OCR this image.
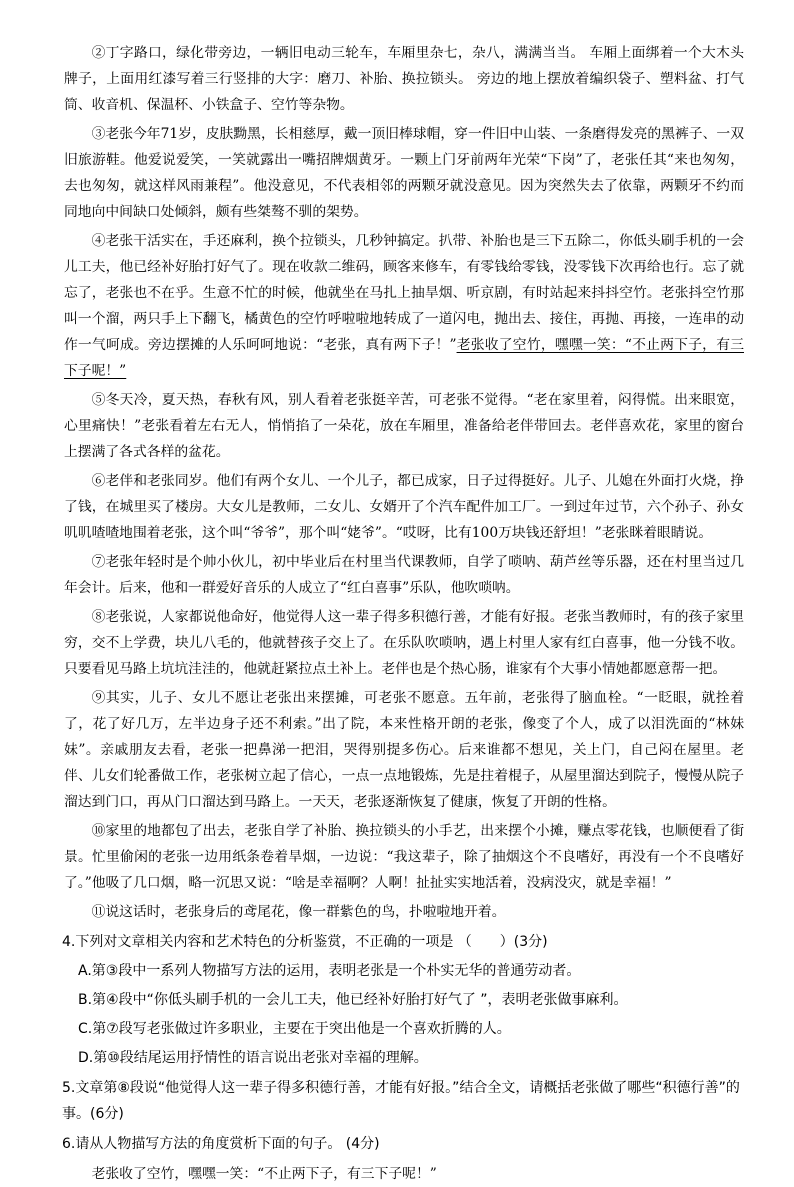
②丁字路口，绿化带旁边，一辆旧电动三轮车，车厢里杂七，杂八，满满当当。 车厢上面绑着一个大木头牌子，上面用红漆写着三行竖排的大字：磨刀、补胎、换拉锁头。 旁边的地上摆放着编织袋子、塑料盆、打气筒、收音机、保温杯、小铁盒子、空竹等杂物。

③老张今年71岁，皮肤黝黑，长相慈厚，戴一顶旧棒球帽，穿一件旧中山装、一条磨得发亮的黑裤子、一双旧旅游鞋。他爱说爱笑，一笑就露出一嘴招牌烟黄牙。一颗上门牙前两年光荣“下岗”了，老张任其“来也匆匆，去也匆匆，就这样风雨兼程”。他没意见，不代表相邻的两颗牙就没意见。因为突然失去了依靠，两颗牙不约而同地向中间缺口处倾斜，颇有些桀骜不驯的架势。

④老张干活实在，手还麻利，换个拉锁头，几秒钟搞定。扒带、补胎也是三下五除二，你低头刷手机的一会儿工夫，他已经补好胎打好气了。现在收款二维码，顾客来修车，有零钱给零钱，没零钱下次再给也行。忘了就忘了，老张也不在乎。生意不忙的时候，他就坐在马扎上抽旱烟、听京剧，有时站起来抖抖空竹。老张抖空竹那叫一个溜，两只手上下翻飞，橘黄色的空竹呼啦啦地转成了一道闪电，抛出去、接住，再抛、再接，一连串的动作一气呵成。旁边摆摊的人乐呵呵地说：“老张，真有两下子！”老张收了空竹，嘿嘿一笑：“不止两下子，有三下子呢！”

⑤冬天冷，夏天热，春秋有风，别人看着老张挺辛苦，可老张不觉得。“老在家里着，闷得慌。出来眼宽，心里痛快！”老张看着左右无人，悄悄掐了一朵花，放在车厢里，准备给老伴带回去。老伴喜欢花，家里的窗台上摆满了各式各样的盆花。

⑥老伴和老张同岁。他们有两个女儿、一个儿子，都已成家，日子过得挺好。儿子、儿媳在外面打火烧，挣了钱，在城里买了楼房。大女儿是教师，二女儿、女婿开了个汽车配件加工厂。一到过年过节，六个孙子、孙女叽叽喳喳地围着老张，这个叫“爷爷”，那个叫“姥爷”。“哎呀，比有100万块钱还舒坦！”老张眯着眼睛说。

⑦老张年轻时是个帅小伙儿，初中毕业后在村里当代课教师，自学了唢呐、葫芦丝等乐器，还在村里当过几年会计。后来，他和一群爱好音乐的人成立了“红白喜事”乐队，他吹唢呐。

⑧老张说，人家都说他命好，他觉得人这一辈子得多积德行善，才能有好报。老张当教师时，有的孩子家里穷，交不上学费，块儿八毛的，他就替孩子交上了。在乐队吹唢呐，遇上村里人家有红白喜事，他一分钱不收。只要看见马路上坑坑洼洼的，他就赶紧拉点土补上。老伴也是个热心肠，谁家有个大事小情她都愿意帮一把。

⑨其实，儿子、女儿不愿让老张出来摆摊，可老张不愿意。五年前，老张得了脑血栓。“一眨眼，就拴着了，花了好几万，左半边身子还不利索。”出了院，本来性格开朗的老张，像变了个人，成了以泪洗面的“林妹妹”。亲戚朋友去看，老张一把鼻涕一把泪，哭得别提多伤心。后来谁都不想见，关上门，自己闷在屋里。老伴、儿女们轮番做工作，老张树立起了信心，一点一点地锻炼，先是拄着棍子，从屋里溜达到院子，慢慢从院子溜达到门口，再从门口溜达到马路上。一天天，老张逐渐恢复了健康，恢复了开朗的性格。

⑩家里的地都包了出去，老张自学了补胎、换拉锁头的小手艺，出来摆个小摊，赚点零花钱，也顺便看了街景。忙里偷闲的老张一边用纸条卷着旱烟，一边说：“我这辈子，除了抽烟这个不良嗜好，再没有一个不良嗜好了。”他吸了几口烟，略一沉思又说：“啥是幸福啊？人啊！扯扯实实地活着，没病没灾，就是幸福！”

⑪说这话时，老张身后的鸢尾花，像一群紫色的鸟，扑啦啦地开着。

4.下列对文章相关内容和艺术特色的分析鉴赏，不正确的一项是 （　　）(3分)
A.第③段中一系列人物描写方法的运用，表明老张是一个朴实无华的普通劳动者。
B.第④段中“你低头刷手机的一会儿工夫，他已经补好胎打好气了 ”，表明老张做事麻利。
C.第⑦段写老张做过许多职业，主要在于突出他是一个喜欢折腾的人。
D.第⑩段结尾运用抒情性的语言说出老张对幸福的理解。
5.文章第⑧段说“他觉得人这一辈子得多积德行善，才能有好报。”结合全文，请概括老张做了哪些“积德行善”的事。(6分)
6.请从人物描写方法的角度赏析下面的句子。 (4分)
老张收了空竹，嘿嘿一笑：“不止两下子，有三下子呢！”
